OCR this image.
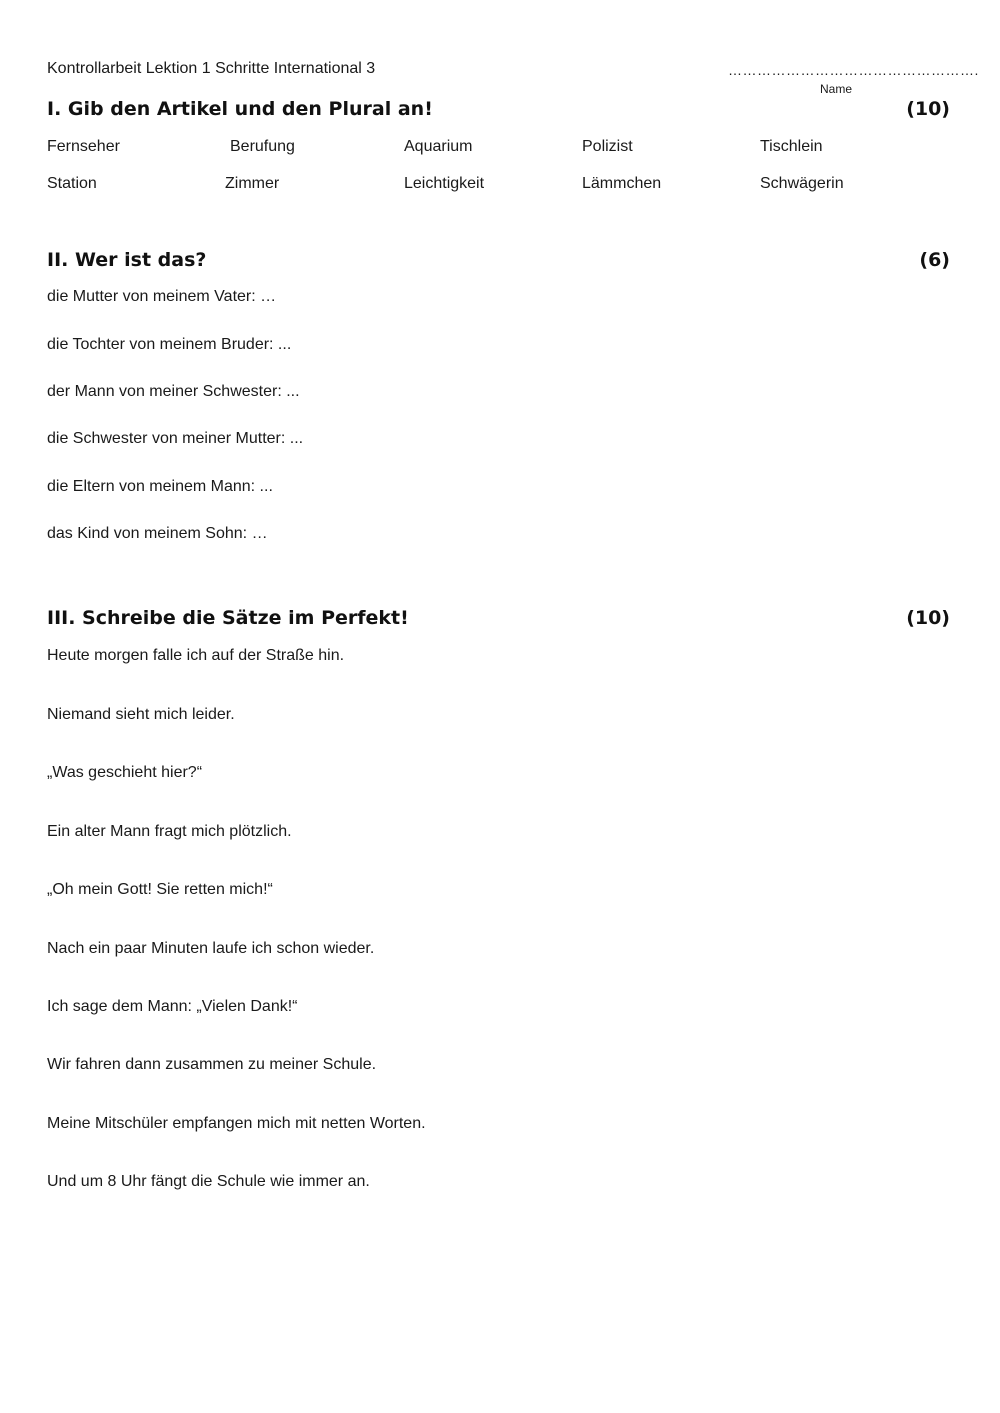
Kontrollarbeit Lektion 1 Schritte International 3	…………………………………………….
Name
I. Gib den Artikel und den Plural an!	(10)
Fernseher	Berufung	Aquarium	Polizist	Tischlein
Station	Zimmer	Leichtigkeit	Lämmchen	Schwägerin
II. Wer ist das?	(6)
die Mutter von meinem Vater: …
die Tochter von meinem Bruder: ...
der Mann von meiner Schwester: ...
die Schwester von meiner Mutter: ...
die Eltern von meinem Mann: ...
das Kind von meinem Sohn: …
III. Schreibe die Sätze im Perfekt!	(10)
Heute morgen falle ich auf der Straße hin.
Niemand sieht mich leider.
„Was geschieht hier?“
Ein alter Mann fragt mich plötzlich.
„Oh mein Gott! Sie retten mich!“
Nach ein paar Minuten laufe ich schon wieder.
Ich sage dem Mann: „Vielen Dank!“
Wir fahren dann zusammen zu meiner Schule.
Meine Mitschüler empfangen mich mit netten Worten.
Und um 8 Uhr fängt die Schule wie immer an.
